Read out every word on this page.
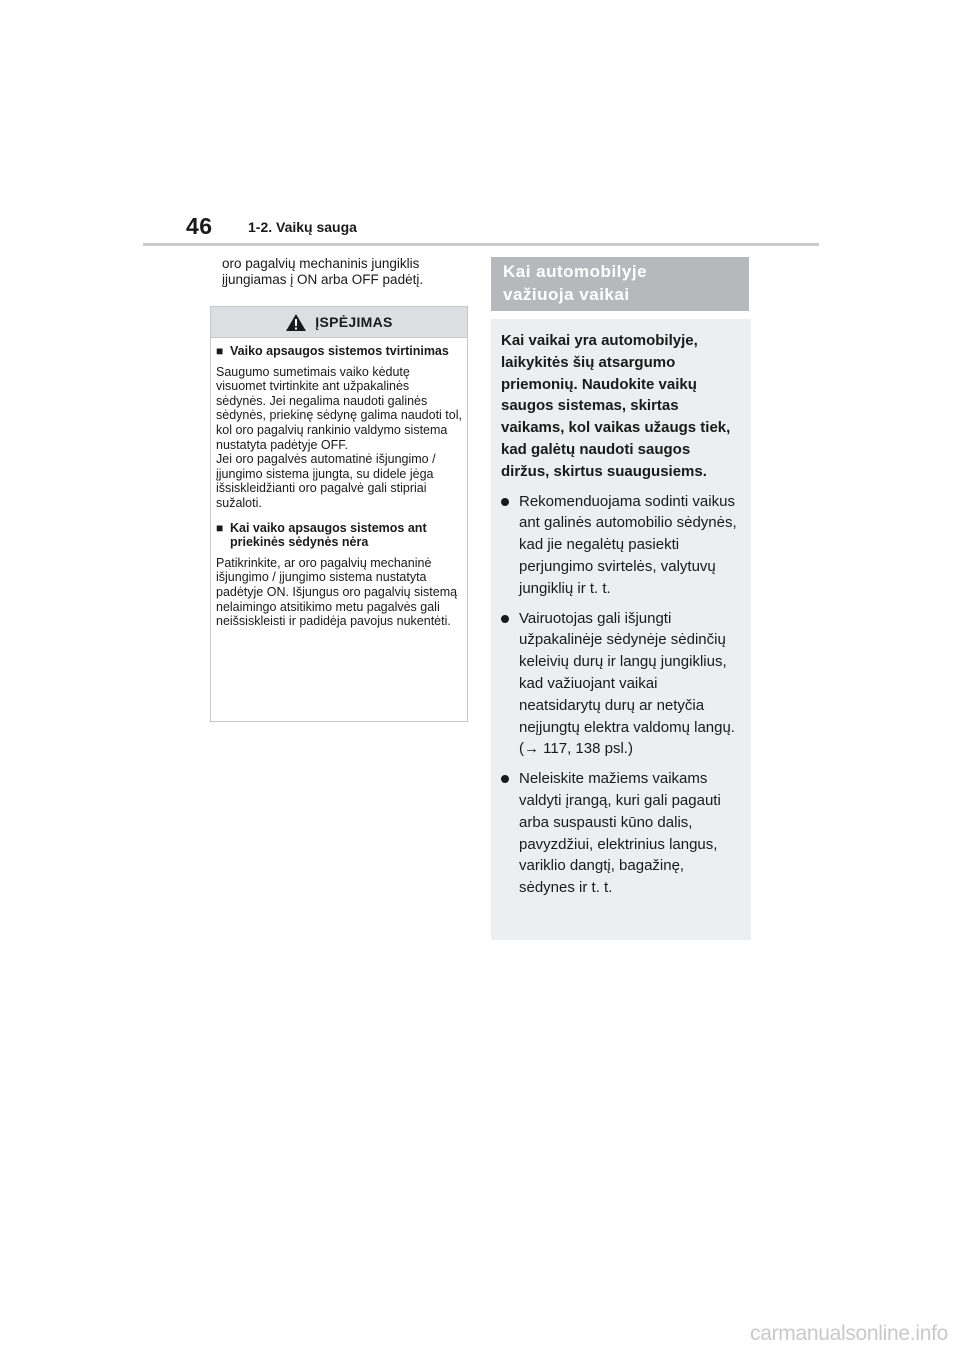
46	1-2. Vaikų sauga
oro pagalvių mechaninis jungiklis
įjungiamas į ON arba OFF padėtį.
ĮSPĖJIMAS
■ Vaiko apsaugos sistemos tvirtinimas
Saugumo sumetimais vaiko kėdutę visuomet tvirtinkite ant užpakalinės sėdynės. Jei negalima naudoti galinės sėdynės, priekinę sėdynę galima naudoti tol, kol oro pagalvių rankinio valdymo sistema nustatyta padėtyje OFF.
Jei oro pagalvės automatinė išjungimo / įjungimo sistema įjungta, su didele jėga išsiskleidžianti oro pagalvė gali stipriai sužaloti.
■ Kai vaiko apsaugos sistemos ant priekinės sėdynės nėra
Patikrinkite, ar oro pagalvių mechaninė išjungimo / įjungimo sistema nustatyta padėtyje ON. Išjungus oro pagalvių sistemą nelaimingo atsitikimo metu pagalvės gali neišsiskleisti ir padidėja pavojus nukentėti.
Kai automobilyje
važiuoja vaikai
Kai vaikai yra automobilyje, laikykitės šių atsargumo priemonių. Naudokite vaikų saugos sistemas, skirtas vaikams, kol vaikas užaugs tiek, kad galėtų naudoti saugos diržus, skirtus suaugusiems.
Rekomenduojama sodinti vaikus ant galinės automobilio sėdynės, kad jie negalėtų pasiekti perjungimo svirtelės, valytuvų jungiklių ir t. t.
Vairuotojas gali išjungti užpakalinėje sėdynėje sėdinčių keleivių durų ir langų jungiklius, kad važiuojant vaikai neatsidarytų durų ar netyčia neįjungtų elektra valdomų langų. (→ 117, 138 psl.)
Neleiskite mažiems vaikams valdyti įrangą, kuri gali pagauti arba suspausti kūno dalis, pavyzdžiui, elektrinius langus, variklio dangtį, bagažinę, sėdynes ir t. t.
carmanualsonline.info
